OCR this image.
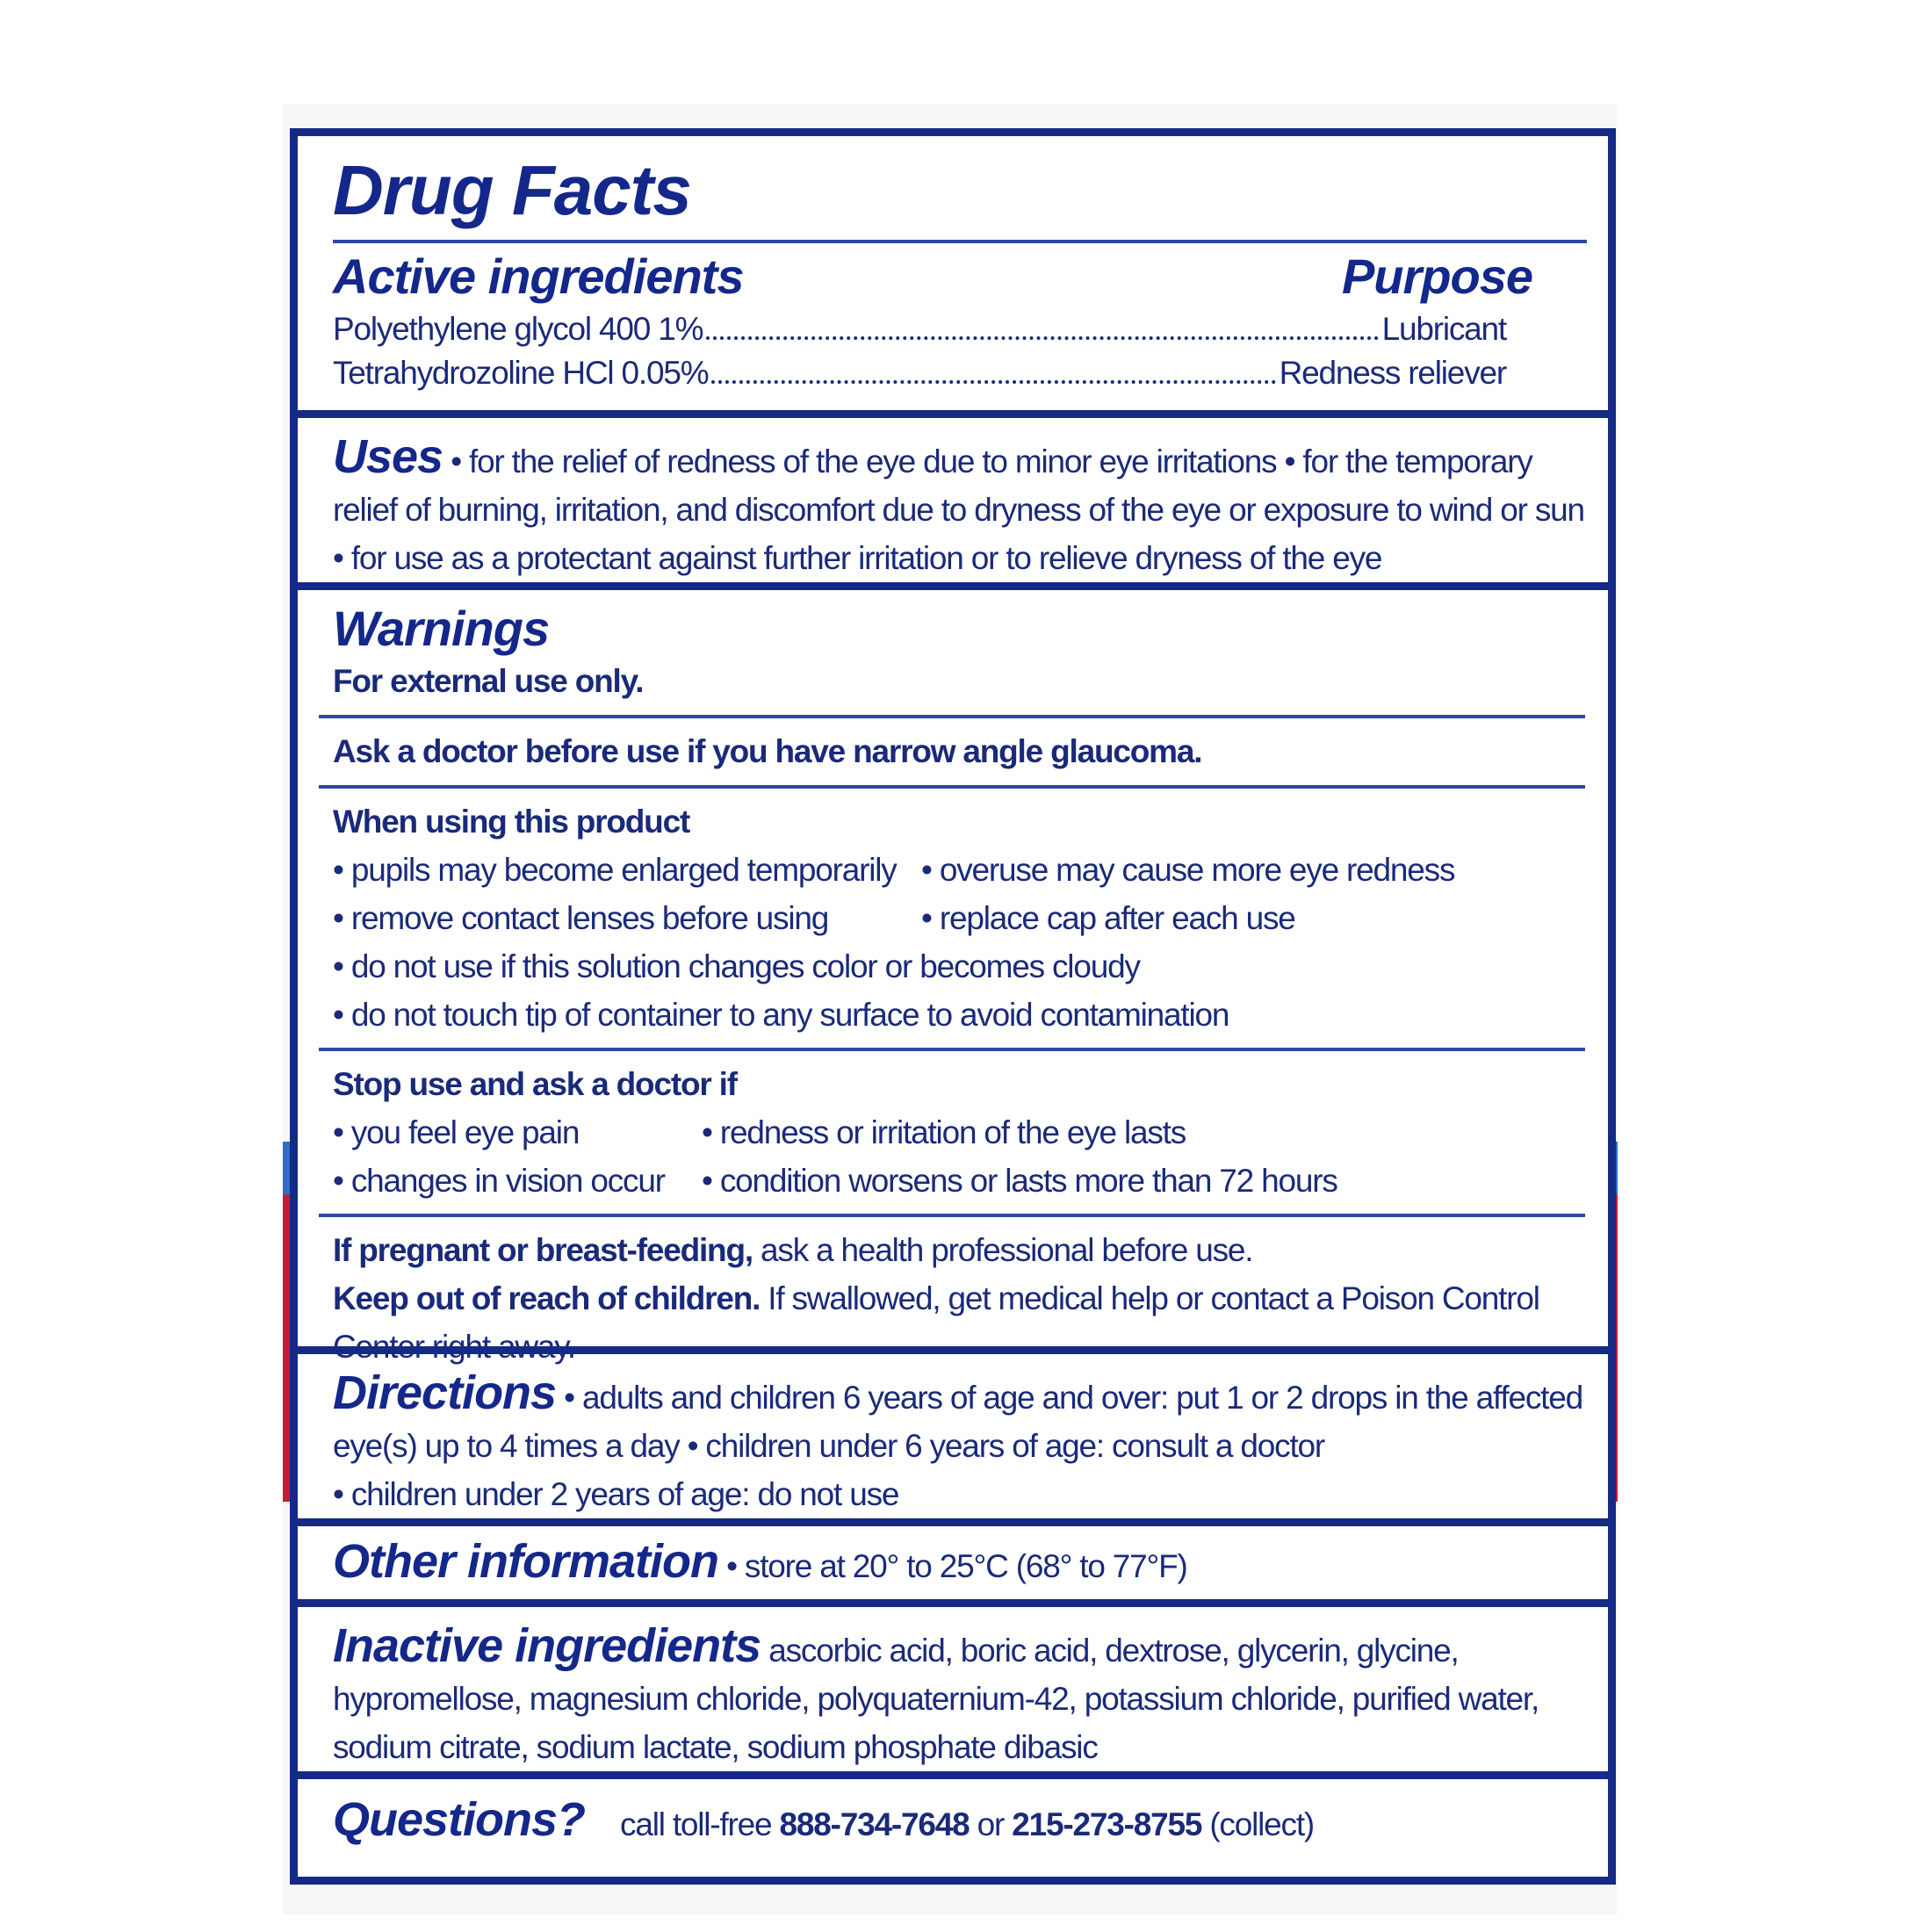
Drug Facts
Active ingredients	Purpose
Polyethylene glycol 400 1%	Lubricant
Tetrahydrozoline HCl 0.05%	Redness reliever
Uses • for the relief of redness of the eye due to minor eye irritations • for the temporary relief of burning, irritation, and discomfort due to dryness of the eye or exposure to wind or sun • for use as a protectant against further irritation or to relieve dryness of the eye
Warnings
For external use only.
Ask a doctor before use if you have narrow angle glaucoma.
When using this product
• pupils may become enlarged temporarily
• remove contact lenses before using
• overuse may cause more eye redness
• replace cap after each use
• do not use if this solution changes color or becomes cloudy
• do not touch tip of container to any surface to avoid contamination
Stop use and ask a doctor if
• you feel eye pain
• changes in vision occur
• redness or irritation of the eye lasts
• condition worsens or lasts more than 72 hours
If pregnant or breast-feeding, ask a health professional before use.
Keep out of reach of children. If swallowed, get medical help or contact a Poison Control Center right away.
Directions • adults and children 6 years of age and over: put 1 or 2 drops in the affected eye(s) up to 4 times a day • children under 6 years of age: consult a doctor
• children under 2 years of age: do not use
Other information • store at 20° to 25°C (68° to 77°F)
Inactive ingredients ascorbic acid, boric acid, dextrose, glycerin, glycine, hypromellose, magnesium chloride, polyquaternium-42, potassium chloride, purified water, sodium citrate, sodium lactate, sodium phosphate dibasic
Questions? call toll-free 888-734-7648 or 215-273-8755 (collect)
